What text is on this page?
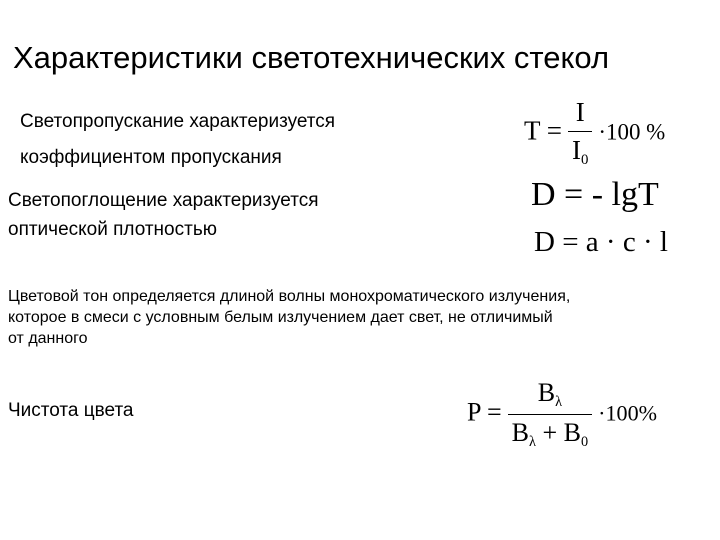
Характеристики светотехнических стекол
Светопропускание характеризуется
коэффициентом пропускания
$T = \frac{I}{I_0} \cdot 100$ %
Светопоглощение характеризуется
оптической плотностью
D = - lgT
D = a · c · l
Цветовой тон определяется длиной волны монохроматического излучения,
которое в смеси с условным белым излучением дает свет, не отличимый
от данного
Чистота цвета	$P = \frac{B_\lambda}{B_\lambda + B_0} \cdot 100\%$
